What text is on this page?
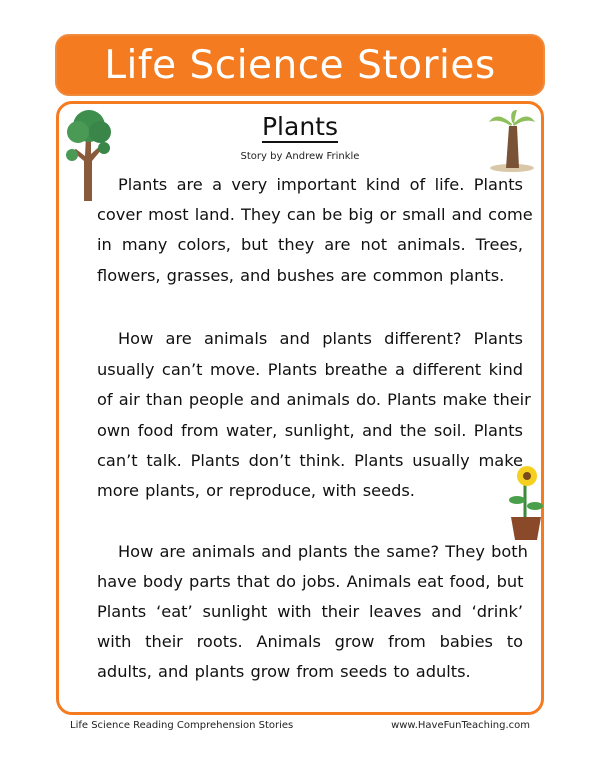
Life Science Stories
Plants
Story by Andrew Frinkle
Plants are a very important kind of life. Plants
cover most land. They can be big or small and come
in many colors, but they are not animals. Trees,
flowers, grasses, and bushes are common plants.
How are animals and plants different? Plants
usually can’t move. Plants breathe a different kind
of air than people and animals do. Plants make their
own food from water, sunlight, and the soil. Plants
can’t talk. Plants don’t think. Plants usually make
more plants, or reproduce, with seeds.
How are animals and plants the same? They both
have body parts that do jobs. Animals eat food, but
Plants ‘eat’ sunlight with their leaves and ‘drink’
with their roots. Animals grow from babies to
adults, and plants grow from seeds to adults.
Life Science Reading Comprehension Stories	www.HaveFunTeaching.com
